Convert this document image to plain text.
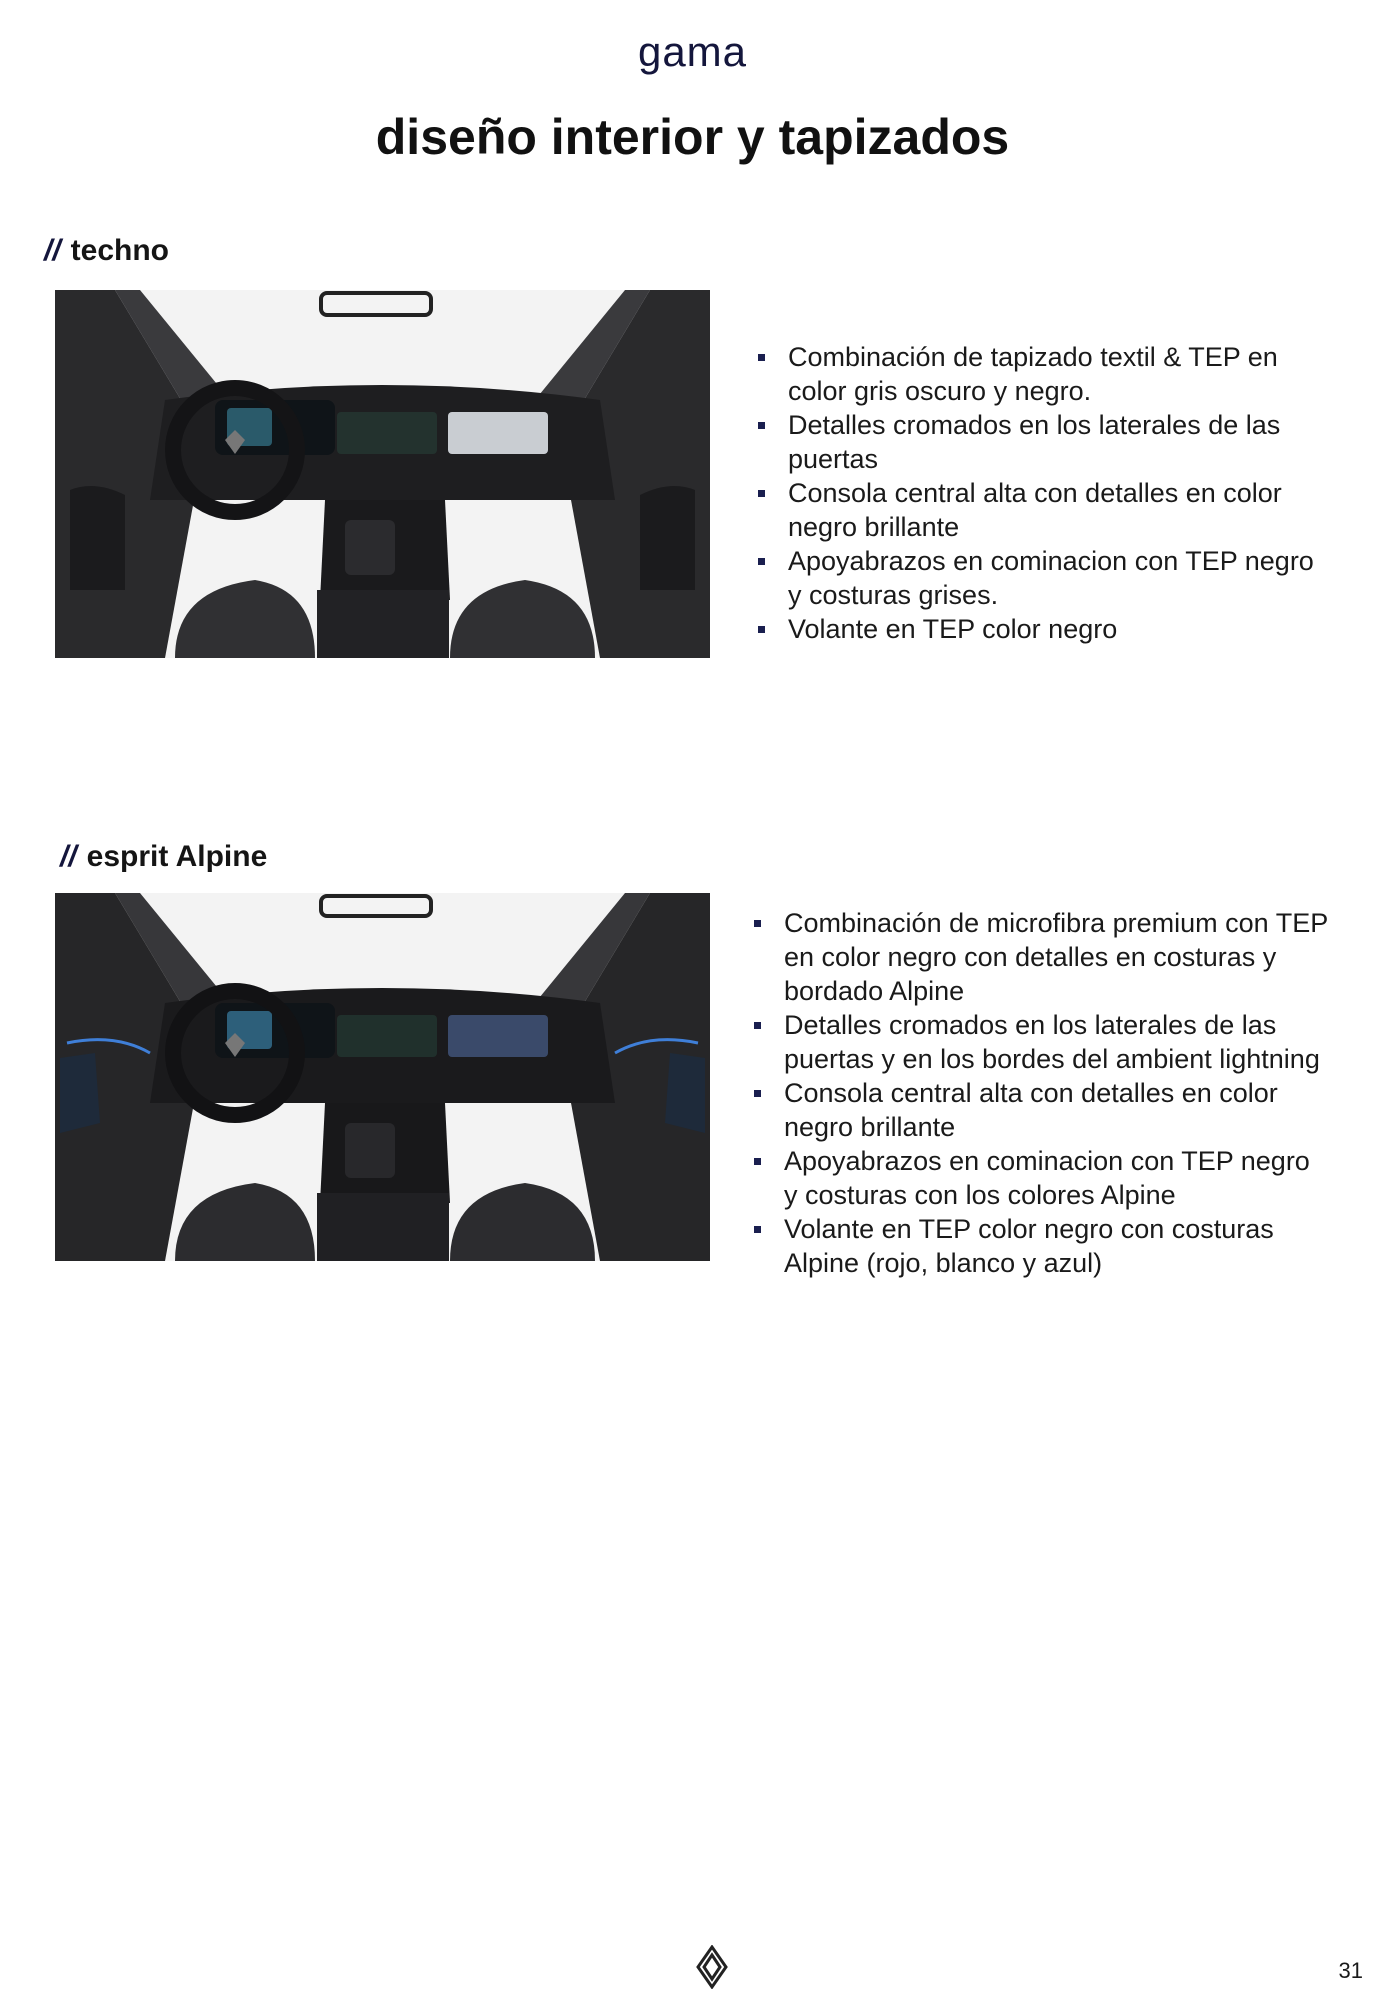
gama
diseño interior y tapizados
// techno
Combinación de tapizado textil & TEP en color gris oscuro y negro.
Detalles cromados en los laterales de las puertas
Consola central alta con detalles en color negro brillante
Apoyabrazos en cominacion con TEP negro y costuras grises.
Volante en TEP color negro
// esprit Alpine
Combinación de microfibra premium con TEP en color negro con detalles en costuras y bordado Alpine
Detalles cromados en los laterales de las puertas y en los bordes del ambient lightning
Consola central alta con detalles en color negro brillante
Apoyabrazos en cominacion con TEP negro y costuras con los colores Alpine
Volante en TEP color negro con costuras Alpine (rojo, blanco y azul)
31
